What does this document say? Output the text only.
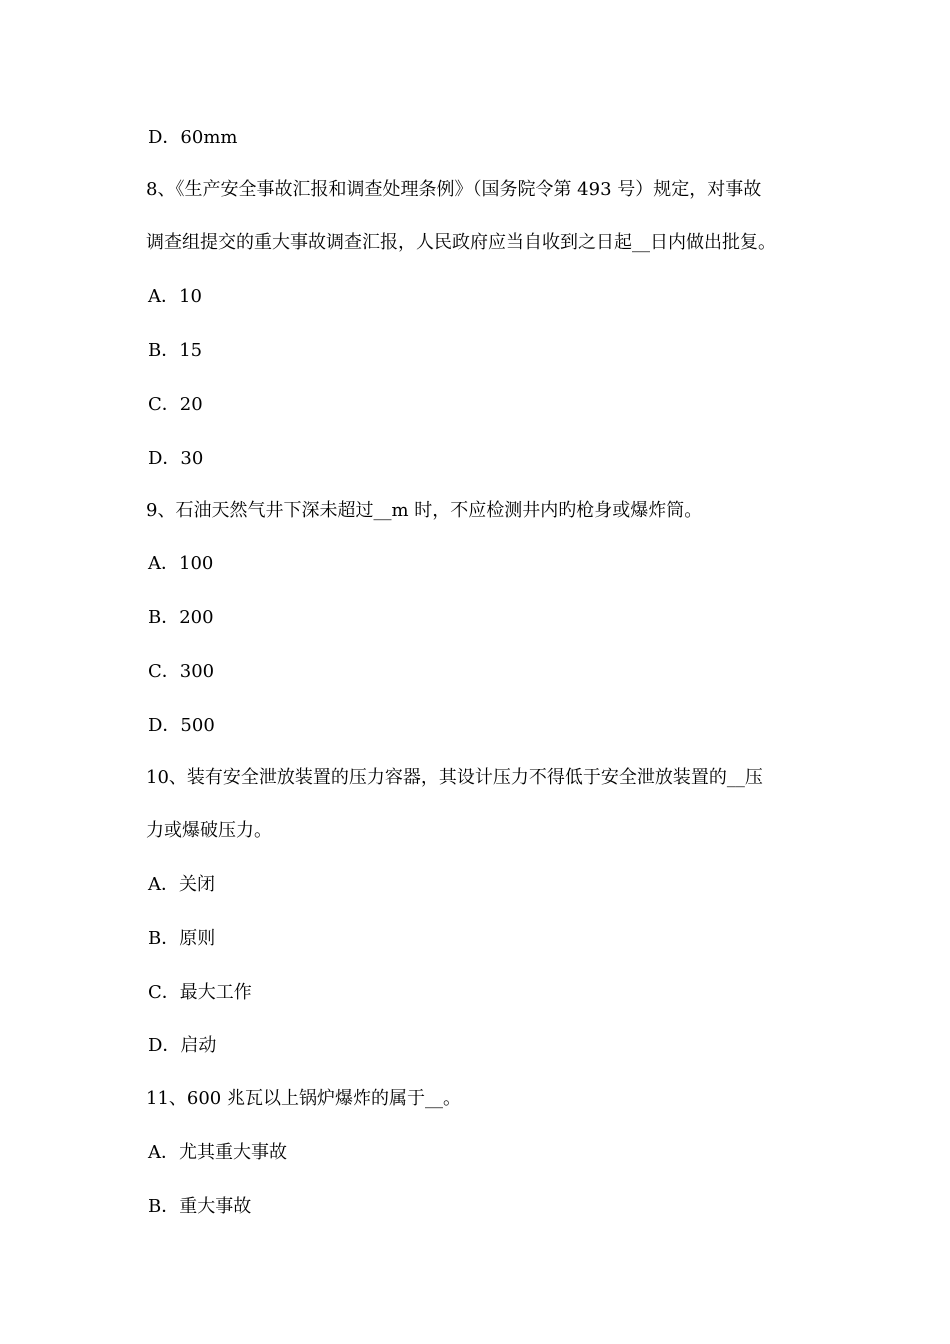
D．60mm
8、《生产安全事故汇报和调查处理条例》（国务院令第 493 号）规定，对事故
调查组提交的重大事故调查汇报，人民政府应当自收到之日起__日内做出批复。
A．10
B．15
C．20
D．30
9、石油天然气井下深未超过__m 时，不应检测井内旳枪身或爆炸筒。
A．100
B．200
C．300
D．500
10、装有安全泄放装置的压力容器，其设计压力不得低于安全泄放装置的__压
力或爆破压力。
A．关闭
B．原则
C．最大工作
D．启动
11、600 兆瓦以上锅炉爆炸的属于__。
A．尤其重大事故
B．重大事故
